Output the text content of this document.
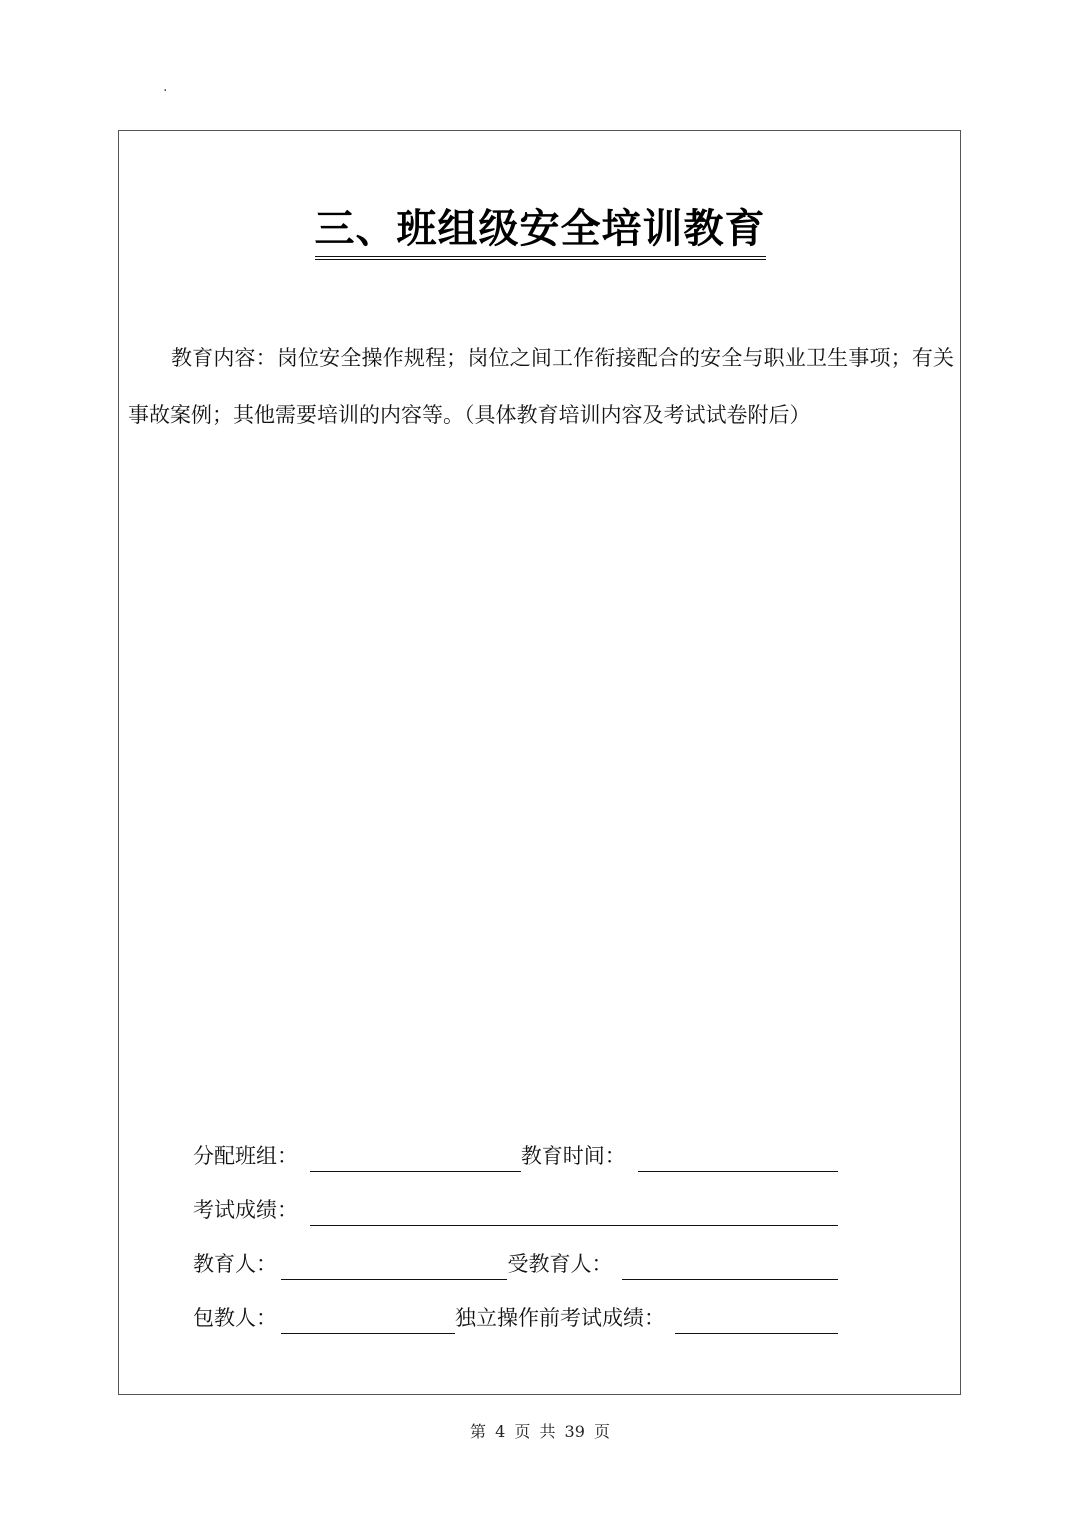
.
三、班组级安全培训教育
教育内容：岗位安全操作规程；岗位之间工作衔接配合的安全与职业卫生事项；有关事故案例；其他需要培训的内容等。（具体教育培训内容及考试试卷附后）
分配班组：	教育时间：
考试成绩：
教育人：	受教育人：
包教人：	独立操作前考试成绩：
第 4 页 共 39 页
